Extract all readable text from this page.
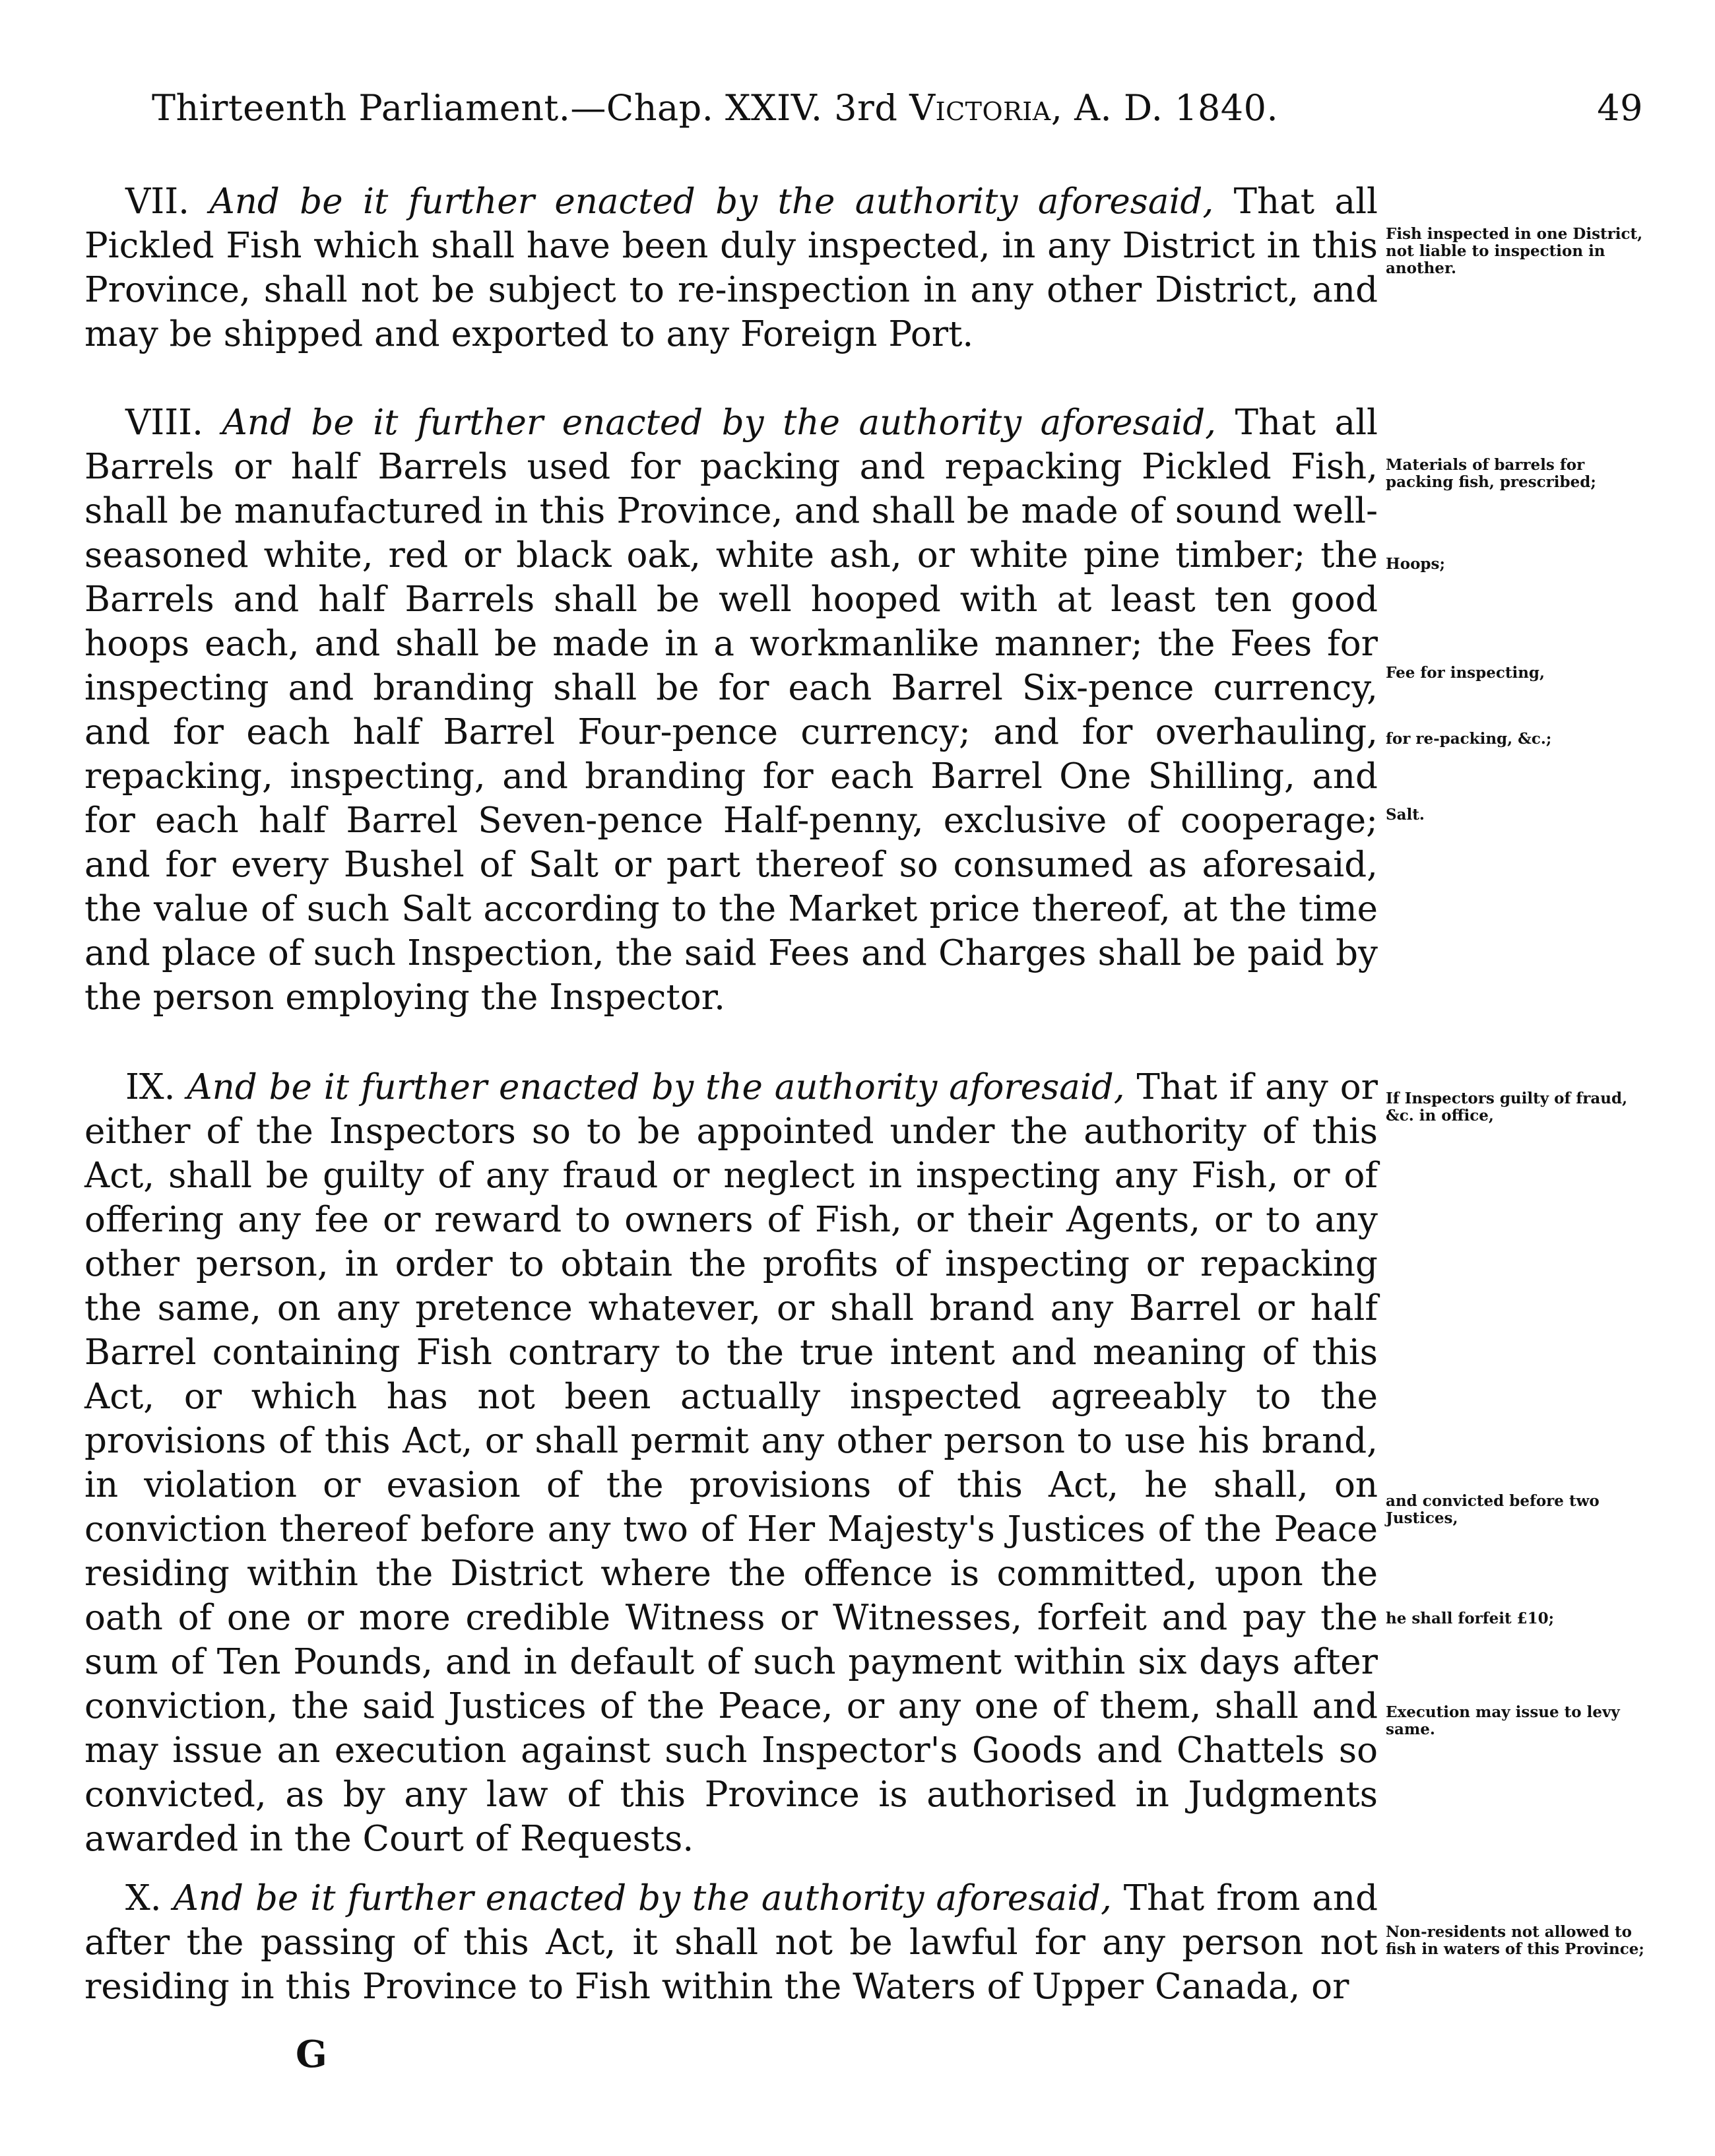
Thirteenth Parliament.—Chap. XXIV. 3rd Victoria, A. D. 1840.	49
VII. And be it further enacted by the authority aforesaid, That all Pickled Fish which shall have been duly inspected, in any District in this Province, shall not be subject to re-inspection in any other District, and may be shipped and exported to any Foreign Port.
Fish inspected in one District, not liable to inspection in another.
VIII. And be it further enacted by the authority aforesaid, That all Barrels or half Barrels used for packing and repacking Pickled Fish, shall be manufactured in this Province, and shall be made of sound well-seasoned white, red or black oak, white ash, or white pine timber; the Barrels and half Barrels shall be well hooped with at least ten good hoops each, and shall be made in a workmanlike manner; the Fees for inspecting and branding shall be for each Barrel Six-pence currency, and for each half Barrel Four-pence currency; and for overhauling, repacking, inspecting, and branding for each Barrel One Shilling, and for each half Barrel Seven-pence Half-penny, exclusive of cooperage; and for every Bushel of Salt or part thereof so consumed as aforesaid, the value of such Salt according to the Market price thereof, at the time and place of such Inspection, the said Fees and Charges shall be paid by the person employing the Inspector.
Materials of barrels for packing fish, prescribed;
Hoops;
Fee for inspecting,
for re-packing, &c.;
Salt.
IX. And be it further enacted by the authority aforesaid, That if any or either of the Inspectors so to be appointed under the authority of this Act, shall be guilty of any fraud or neglect in inspecting any Fish, or of offering any fee or reward to owners of Fish, or their Agents, or to any other person, in order to obtain the profits of inspecting or repacking the same, on any pretence whatever, or shall brand any Barrel or half Barrel containing Fish contrary to the true intent and meaning of this Act, or which has not been actually inspected agreeably to the provisions of this Act, or shall permit any other person to use his brand, in violation or evasion of the provisions of this Act, he shall, on conviction thereof before any two of Her Majesty's Justices of the Peace residing within the District where the offence is committed, upon the oath of one or more credible Witness or Witnesses, forfeit and pay the sum of Ten Pounds, and in default of such payment within six days after conviction, the said Justices of the Peace, or any one of them, shall and may issue an execution against such Inspector's Goods and Chattels so convicted, as by any law of this Province is authorised in Judgments awarded in the Court of Requests.
If Inspectors guilty of fraud, &c. in office,
and convicted before two Justices,
he shall forfeit £10;
Execution may issue to levy same.
X. And be it further enacted by the authority aforesaid, That from and after the passing of this Act, it shall not be lawful for any person not residing in this Province to Fish within the Waters of Upper Canada, or
Non-residents not allowed to fish in waters of this Province;
G
